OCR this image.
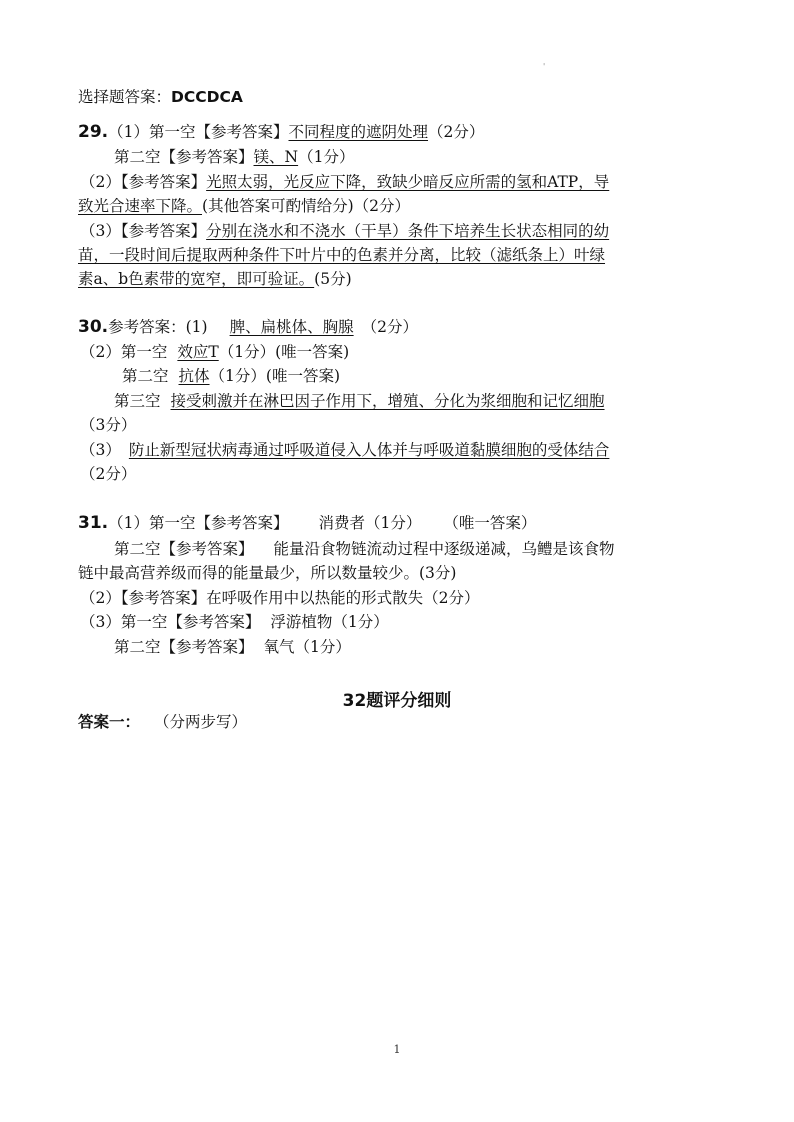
'
选择题答案：DCCDCA
29.（1）第一空【参考答案】不同程度的遮阴处理（2分）
第二空【参考答案】镁、N（1分）
（2）【参考答案】光照太弱，光反应下降，致缺少暗反应所需的氢和ATP，导
致光合速率下降。(其他答案可酌情给分)（2分）
（3）【参考答案】分别在浇水和不浇水（干旱）条件下培养生长状态相同的幼
苗，一段时间后提取两种条件下叶片中的色素并分离，比较（滤纸条上）叶绿
素a、b色素带的宽窄，即可验证。(5分)
30.参考答案：(1) 脾、扁桃体、胸腺 （2分）
（2）第一空 效应T（1分）(唯一答案)
第二空 抗体（1分）(唯一答案)
第三空 接受刺激并在淋巴因子作用下，增殖、分化为浆细胞和记忆细胞
（3分）
（3） 防止新型冠状病毒通过呼吸道侵入人体并与呼吸道黏膜细胞的受体结合
（2分）
31.（1）第一空【参考答案】 消费者（1分） （唯一答案）
第二空【参考答案】 能量沿食物链流动过程中逐级递减，乌鳢是该食物
链中最高营养级而得的能量最少，所以数量较少。(3分)
（2）【参考答案】在呼吸作用中以热能的形式散失（2分）
（3）第一空【参考答案】 浮游植物（1分）
第二空【参考答案】 氧气（1分）
32题评分细则
答案一： （分两步写）
1
